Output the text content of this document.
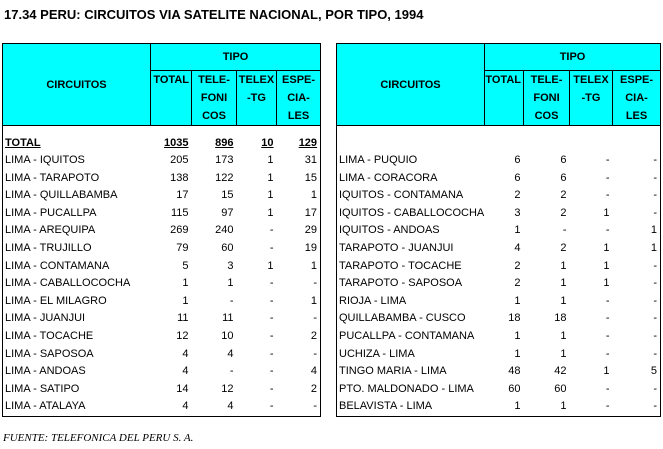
17.34 PERU: CIRCUITOS VIA SATELITE NACIONAL, POR TIPO, 1994
CIRCUITOS	TIPO			
	TOTAL	TELE-
FONI
COS	TELEX
-TG	ESPE-
CIA-
LES

TOTAL	1035	896	10	129
LIMA - IQUITOS	205	173	1	31
LIMA - TARAPOTO	138	122	1	15
LIMA - QUILLABAMBA	17	15	1	1
LIMA - PUCALLPA	115	97	1	17
LIMA - AREQUIPA	269	240	-	29
LIMA - TRUJILLO	79	60	-	19
LIMA - CONTAMANA	5	3	1	1
LIMA - CABALLOCOCHA	1	1	-	-
LIMA - EL MILAGRO	1	-	-	1
LIMA - JUANJUI	11	11	-	-
LIMA - TOCACHE	12	10	-	2
LIMA - SAPOSOA	4	4	-	-
LIMA - ANDOAS	4	-	-	4
LIMA - SATIPO	14	12	-	2
LIMA - ATALAYA	4	4	-	-
CIRCUITOS	TIPO			
	TOTAL	TELE-
FONI
COS	TELEX
-TG	ESPE-
CIA-
LES

LIMA - PUQUIO	6	6	-	-
LIMA - CORACORA	6	6	-	-
IQUITOS - CONTAMANA	2	2	-	-
IQUITOS - CABALLOCOCHA	3	2	1	-
IQUITOS - ANDOAS	1	-	-	1
TARAPOTO - JUANJUI	4	2	1	1
TARAPOTO - TOCACHE	2	1	1	-
TARAPOTO - SAPOSOA	2	1	1	-
RIOJA - LIMA	1	1	-	-
QUILLABAMBA - CUSCO	18	18	-	-
PUCALLPA - CONTAMANA	1	1	-	-
UCHIZA - LIMA	1	1	-	-
TINGO MARIA - LIMA	48	42	1	5
PTO. MALDONADO - LIMA	60	60	-	-
BELAVISTA - LIMA	1	1	-	-
FUENTE: TELEFONICA DEL PERU S. A.
